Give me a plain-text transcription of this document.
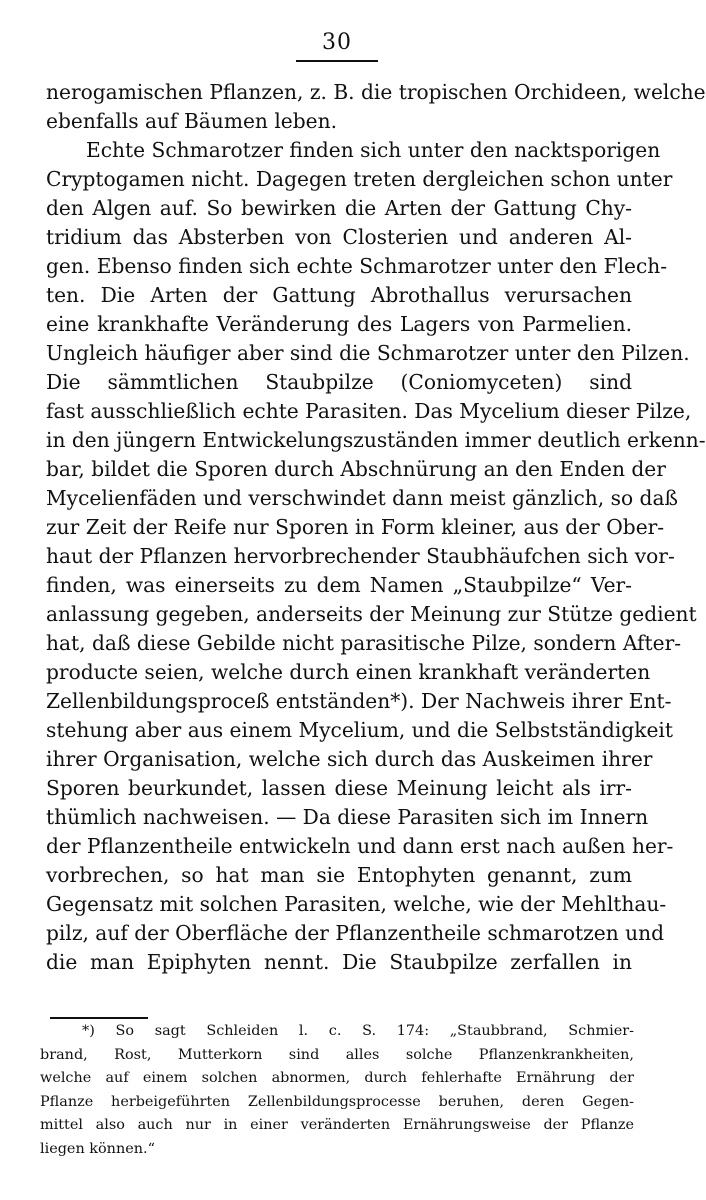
30
nerogamischen Pflanzen, z. B. die tropischen Orchideen, welche
ebenfalls auf Bäumen leben.
Echte Schmarotzer finden sich unter den nacktsporigen
Cryptogamen nicht. Dagegen treten dergleichen schon unter
den Algen auf. So bewirken die Arten der Gattung Chy-
tridium das Absterben von Closterien und anderen Al-
gen. Ebenso finden sich echte Schmarotzer unter den Flech-
ten. Die Arten der Gattung Abrothallus verursachen
eine krankhafte Veränderung des Lagers von Parmelien.
Ungleich häufiger aber sind die Schmarotzer unter den Pilzen.
Die sämmtlichen Staubpilze (Coniomyceten) sind
fast ausschließlich echte Parasiten. Das Mycelium dieser Pilze,
in den jüngern Entwickelungszuständen immer deutlich erkenn-
bar, bildet die Sporen durch Abschnürung an den Enden der
Mycelienfäden und verschwindet dann meist gänzlich, so daß
zur Zeit der Reife nur Sporen in Form kleiner, aus der Ober-
haut der Pflanzen hervorbrechender Staubhäufchen sich vor-
finden, was einerseits zu dem Namen „Staubpilze“ Ver-
anlassung gegeben, anderseits der Meinung zur Stütze gedient
hat, daß diese Gebilde nicht parasitische Pilze, sondern After-
producte seien, welche durch einen krankhaft veränderten
Zellenbildungsproceß entständen*). Der Nachweis ihrer Ent-
stehung aber aus einem Mycelium, und die Selbstständigkeit
ihrer Organisation, welche sich durch das Auskeimen ihrer
Sporen beurkundet, lassen diese Meinung leicht als irr-
thümlich nachweisen. — Da diese Parasiten sich im Innern
der Pflanzentheile entwickeln und dann erst nach außen her-
vorbrechen, so hat man sie Entophyten genannt, zum
Gegensatz mit solchen Parasiten, welche, wie der Mehlthau-
pilz, auf der Oberfläche der Pflanzentheile schmarotzen und
die man Epiphyten nennt. Die Staubpilze zerfallen in
*) So sagt Schleiden l. c. S. 174: „Staubbrand, Schmier-
brand, Rost, Mutterkorn sind alles solche Pflanzenkrankheiten,
welche auf einem solchen abnormen, durch fehlerhafte Ernährung der
Pflanze herbeigeführten Zellenbildungsprocesse beruhen, deren Gegen-
mittel also auch nur in einer veränderten Ernährungsweise der Pflanze
liegen können.“
